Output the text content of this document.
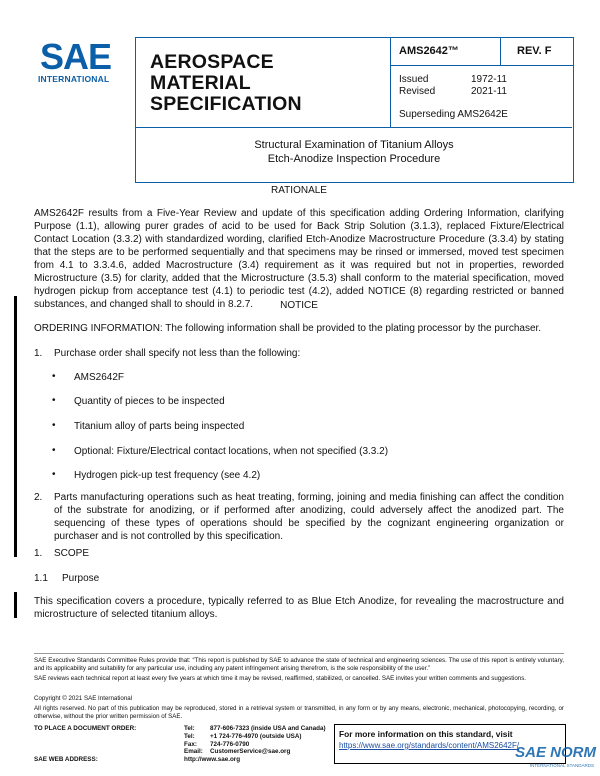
SAE
INTERNATIONAL
AEROSPACE
MATERIAL SPECIFICATION
AMS2642™	REV. F
Issued	1972-11
Revised	2021-11
Superseding AMS2642E
Structural Examination of Titanium Alloys
Etch-Anodize Inspection Procedure
RATIONALE
AMS2642F results from a Five-Year Review and update of this specification adding Ordering Information, clarifying Purpose (1.1), allowing purer grades of acid to be used for Back Strip Solution (3.1.3), replaced Fixture/Electrical Contact Location (3.3.2) with standardized wording, clarified Etch-Anodize Macrostructure Procedure (3.3.4) by stating that the steps are to be performed sequentially and that specimens may be rinsed or immersed, moved test specimen from 4.1 to 3.3.4.6, added Macrostructure (3.4) requirement as it was required but not in properties, reworded Microstructure (3.5) for clarity, added that the Microstructure (3.5.3) shall conform to the material specification, moved hydrogen pickup from acceptance test (4.1) to periodic test (4.2), added NOTICE (8) regarding restricted or banned substances, and changed shall to should in 8.2.7.	NOTICE
ORDERING INFORMATION: The following information shall be provided to the plating processor by the purchaser.
1. Purchase order shall specify not less than the following:
• AMS2642F
• Quantity of pieces to be inspected
• Titanium alloy of parts being inspected
• Optional: Fixture/Electrical contact locations, when not specified (3.3.2)
• Hydrogen pick-up test frequency (see 4.2)
2. Parts manufacturing operations such as heat treating, forming, joining and media finishing can affect the condition of the substrate for anodizing, or if performed after anodizing, could adversely affect the anodized part. The sequencing of these types of operations should be specified by the cognizant engineering organization or purchaser and is not controlled by this specification.
1. SCOPE
1.1 Purpose
This specification covers a procedure, typically referred to as Blue Etch Anodize, for revealing the macrostructure and microstructure of selected titanium alloys.
SAE Executive Standards Committee Rules provide that: “This report is published by SAE to advance the state of technical and engineering sciences. The use of this report is entirely voluntary, and its applicability and suitability for any particular use, including any patent infringement arising therefrom, is the sole responsibility of the user.”
SAE reviews each technical report at least every five years at which time it may be revised, reaffirmed, stabilized, or cancelled. SAE invites your written comments and suggestions.
Copyright © 2021 SAE International
All rights reserved. No part of this publication may be reproduced, stored in a retrieval system or transmitted, in any form or by any means, electronic, mechanical, photocopying, recording, or otherwise, without the prior written permission of SAE.
TO PLACE A DOCUMENT ORDER:	Tel:	877-606-7323 (inside USA and Canada)
	Tel:	+1 724-776-4970 (outside USA)
	Fax:	724-776-0790
	Email:	CustomerService@sae.org
SAE WEB ADDRESS:	http://www.sae.org	
For more information on this standard, visit
https://www.sae.org/standards/content/AMS2642F/
SAE NORM
INTERNATIONAL STANDARDS
